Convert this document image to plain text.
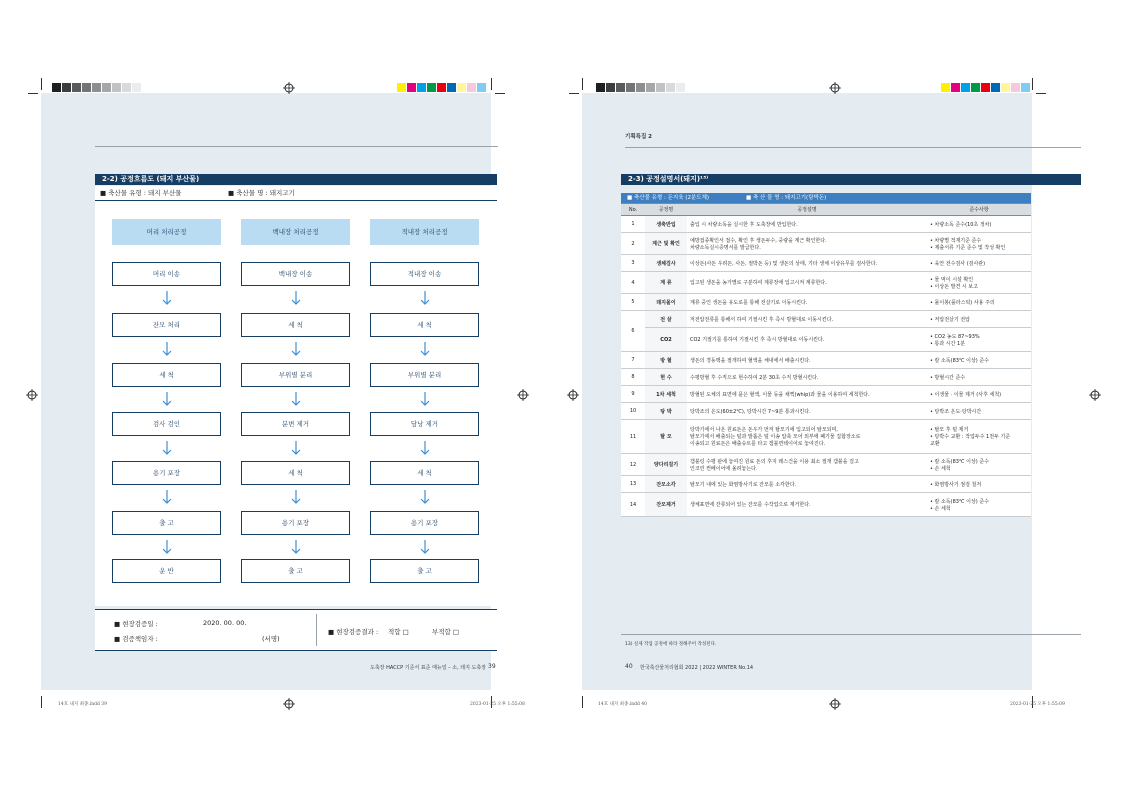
2-2) 공정흐름도 (돼지 부산물)
■ 축산물 유형 : 돼지 부산물	■ 축산물 명 : 돼지고기
머리 처리공정
머리 이송
잔모 처리
세 척
검사 검인
용기 포장
출 고
운 반
백내장 처리공정
백내장 이송
세 척
부위별 분리
분변 제거
세 척
용기 포장
출 고
적내장 처리공정
적내장 이송
세 척
부위별 분리
담낭 제거
세 척
용기 포장
출 고
■ 현장검증일 :	2020. 00. 00.
■ 검증책임자 :	(서명)
■ 현장검증결과 : 적합 □	부적합 □
도축장 HACCP 기준서 표준 매뉴얼 – 소, 돼지 도축장 39
기획특집 2
2-3) 공정설명서(돼지)¹³⁾
■ 축산물 유형 : 돈지육 (2분도체)	■ 축 산 물 명 : 돼지고기(탕박돈)
No.	공정명	공정설명	준수사항
1	생축반입	출입 시 차량소독을 실시한 후 도축장에 반입한다.	• 차량소독 준수(10초 정차)
2	계근 및 확인	예방접종확인서 접수, 확인 후 생돈두수, 중량을 계근 확인한다.
차량소독실시증명서를 발급한다.	• 차량별 적재기준 준수
• 제출서류 기준 준수 및 작성 확인
3	생체검사	이상돈(사돈 우려돈, 사돈, 절박돈 등) 및 생돈의 상태, 기타 생체 이상유무를 검사한다.	• 육안 전수검사 (검사관)
4	계 류	입고된 생돈을 농가별로 구분하여 계류장에 입고시켜 계류한다.	• 물 먹이 시설 확인
• 이상돈 발견 시 보고
5	돼지몰이	계류 중인 생돈을 유도로를 통해 전살기로 이동시킨다.	• 몰이봉(플라스틱) 사용 주의
6	전 살	저전압전류를 통해서 하여 기절시킨 후 즉시 방혈대로 이동시킨다.	• 저압전살기 전압
	CO2	CO2 기절기를 통하여 기절시킨 후 즉시 방혈대로 이동시킨다.	• CO2 농도 87~93%
• 통과 시간 1분
7	방 혈	생돈의 경동맥을 절개하여 혈액을 체내에서 배출시킨다.	• 칼 소독(83℃ 이상) 준수
8	현 수	수평방혈 후 수직으로 현수하여 2분 30초 수직 방혈시킨다.	• 방혈시간 준수
9	1차 세척	방혈된 도체의 표면에 묻은 혈액, 이물 등을 채찍(whip)과 물을 이용하여 세척한다.	• 이생물 · 이물 제거 (사후 세척)
10	탕 박	탕박조의 온도(60±2℃), 탕박시간 7~9분 통과시킨다.	• 탕박조 온도·탕박시간
11	탈 모	탕박기에서 나온 원료돈은 돈우가 먼저 탈모기에 입고되어 탈모되며,
탈모기에서 배출되는 털과 발톱은 털 이송 압축 모어 외부에 폐기물 집합장소로
이송되고 원료돈은 배출슈트를 타고 갬블면테이어로 놓여진다.	• 탈모 후 털 제거
• 탕박수 교환 : 작업두수 1천두 기준
교환
12	양다리걸기	갬블링 수평 판에 놓여진 원료 돈의 후지 레스건을 이용 최소 절개 갬블을 걸고
인코린 컨베이어에 올려놓는다.	• 칼 소독(83℃ 이상) 준수
• 손 세척
13	잔모소각	탈모기 내에 있는 화염방사기로 잔모를 소각한다.	• 화염방사기 점검 철저
14	잔모제거	생체표면에 잔류되어 있는 잔모를 수작업으로 제거한다.	• 칼 소독(83℃ 이상) 준수
• 손 세척
13) 실제 작업 공정에 따라 정해주어 작성된다.
40 한국축산물처리협회 2022 | 2022 WINTER No.14
14호 내지 최종.indd 39	2023-01-25 오후 1:55:08	14호 내지 최종.indd 40	2023-01-25 오후 1:55:09
